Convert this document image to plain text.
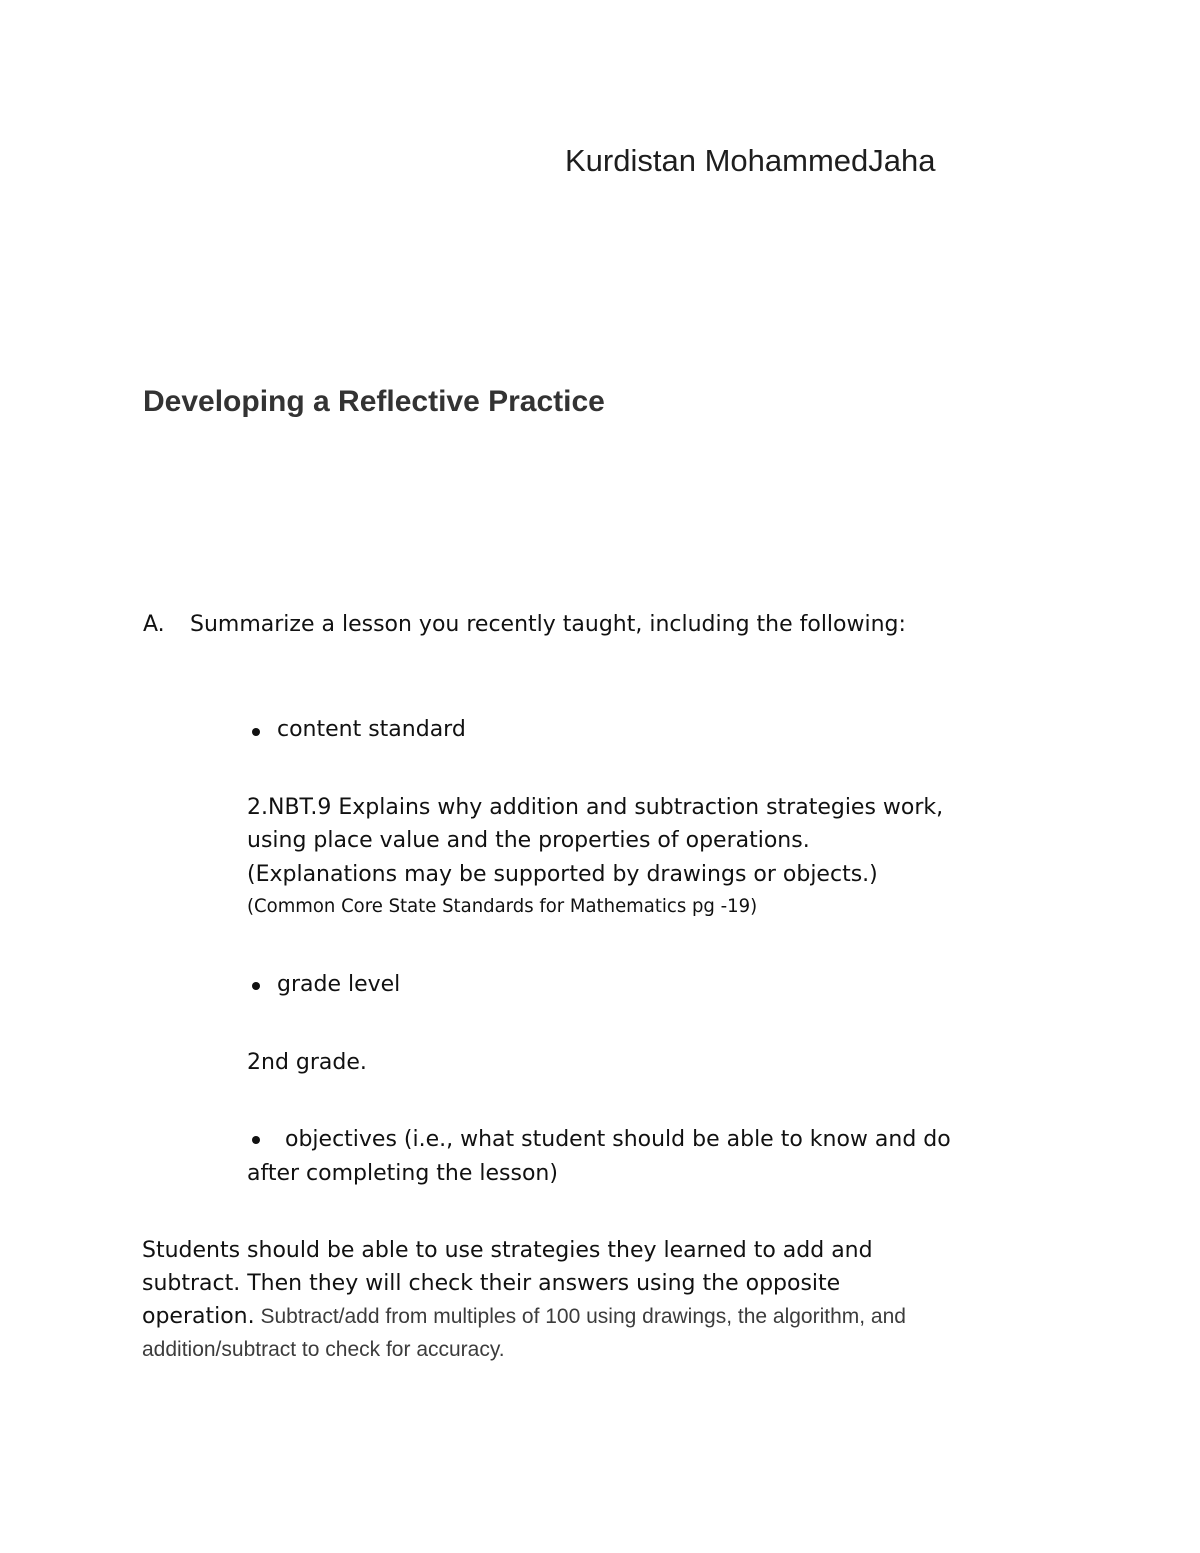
Kurdistan MohammedJaha
Developing a Reflective Practice
A. Summarize a lesson you recently taught, including the following:
content standard
2.NBT.9 Explains why addition and subtraction strategies work,
using place value and the properties of operations.
(Explanations may be supported by drawings or objects.)
(Common Core State Standards for Mathematics pg -19)
grade level
2nd grade.
objectives (i.e., what student should be able to know and do
after completing the lesson)
Students should be able to use strategies they learned to add and
subtract. Then they will check their answers using the opposite
operation. Subtract/add from multiples of 100 using drawings, the algorithm, and
addition/subtract to check for accuracy.
